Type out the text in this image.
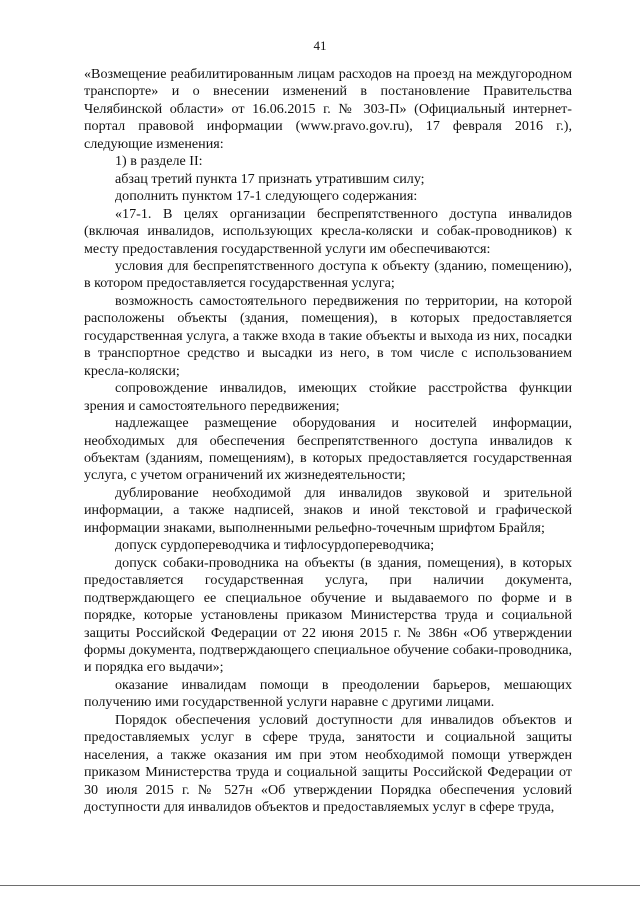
41

«Возмещение реабилитированным лицам расходов на проезд на междугородном транспорте» и о внесении изменений в постановление Правительства Челябинской области» от 16.06.2015 г. № 303-П» (Официальный интернет-портал правовой информации (www.pravo.gov.ru), 17 февраля 2016 г.), следующие изменения:

1) в разделе II:

абзац третий пункта 17 признать утратившим силу;

дополнить пунктом 17-1 следующего содержания:

«17-1. В целях организации беспрепятственного доступа инвалидов (включая инвалидов, использующих кресла-коляски и собак-проводников) к месту предоставления государственной услуги им обеспечиваются:

условия для беспрепятственного доступа к объекту (зданию, помещению), в котором предоставляется государственная услуга;

возможность самостоятельного передвижения по территории, на которой расположены объекты (здания, помещения), в которых предоставляется государственная услуга, а также входа в такие объекты и выхода из них, посадки в транспортное средство и высадки из него, в том числе с использованием кресла-коляски;

сопровождение инвалидов, имеющих стойкие расстройства функции зрения и самостоятельного передвижения;

надлежащее размещение оборудования и носителей информации, необходимых для обеспечения беспрепятственного доступа инвалидов к объектам (зданиям, помещениям), в которых предоставляется государственная услуга, с учетом ограничений их жизнедеятельности;

дублирование необходимой для инвалидов звуковой и зрительной информации, а также надписей, знаков и иной текстовой и графической информации знаками, выполненными рельефно-точечным шрифтом Брайля;

допуск сурдопереводчика и тифлосурдопереводчика;

допуск собаки-проводника на объекты (в здания, помещения), в которых предоставляется государственная услуга, при наличии документа, подтверждающего ее специальное обучение и выдаваемого по форме и в порядке, которые установлены приказом Министерства труда и социальной защиты Российской Федерации от 22 июня 2015 г. № 386н «Об утверждении формы документа, подтверждающего специальное обучение собаки-проводника, и порядка его выдачи»;

оказание инвалидам помощи в преодолении барьеров, мешающих получению ими государственной услуги наравне с другими лицами.

Порядок обеспечения условий доступности для инвалидов объектов и предоставляемых услуг в сфере труда, занятости и социальной защиты населения, а также оказания им при этом необходимой помощи утвержден приказом Министерства труда и социальной защиты Российской Федерации от 30 июля 2015 г. № 527н «Об утверждении Порядка обеспечения условий доступности для инвалидов объектов и предоставляемых услуг в сфере труда,
